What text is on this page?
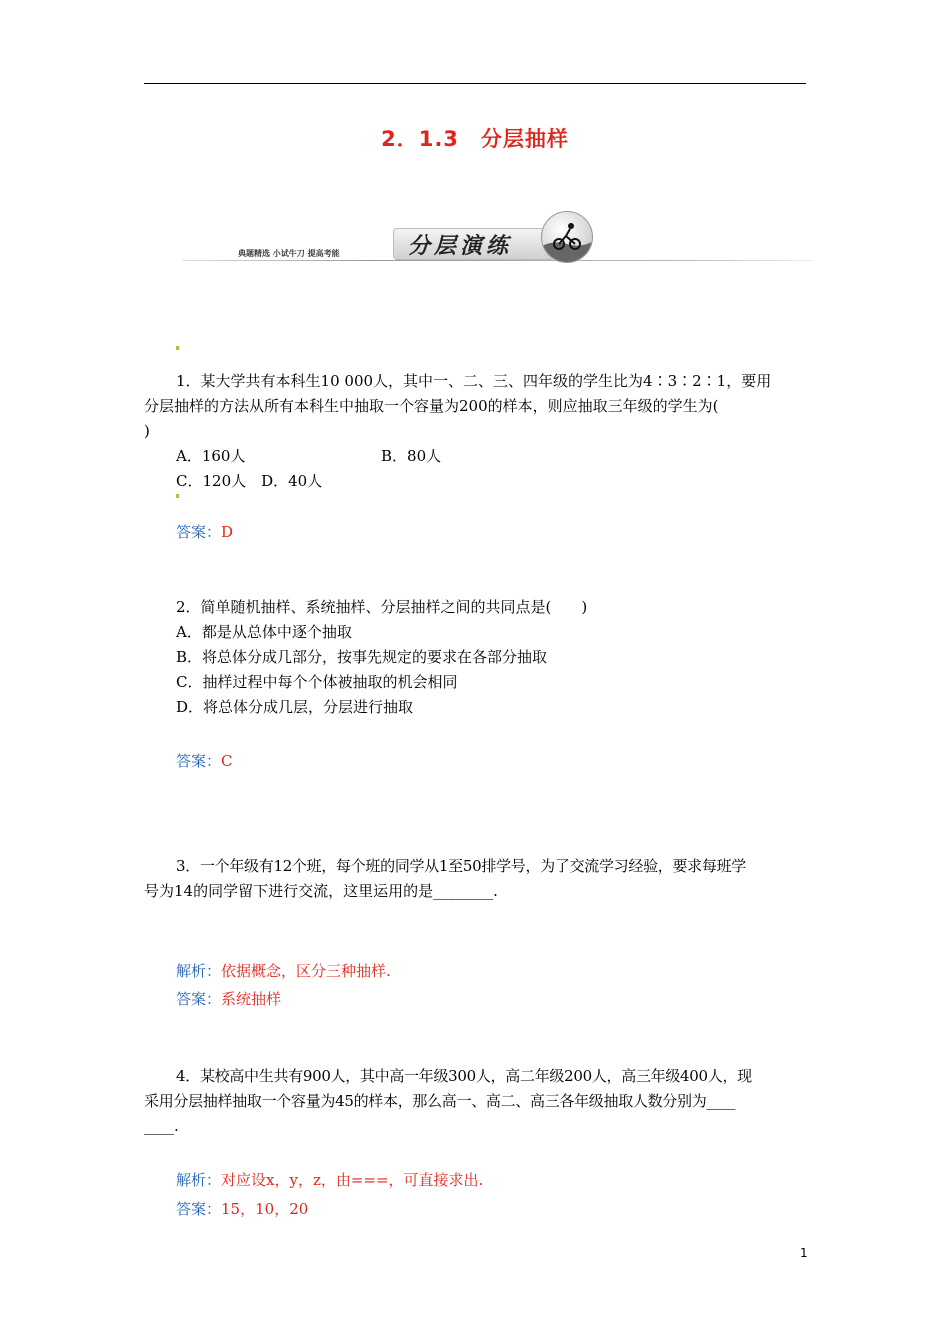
2．1.3　分层抽样
典题精选 小试牛刀 提高考能	分层演练
1．某大学共有本科生10 000人，其中一、二、三、四年级的学生比为4∶3∶2∶1，要用
分层抽样的方法从所有本科生中抽取一个容量为200的样本，则应抽取三年级的学生为(
)
A．160人	B．80人
C．120人　D．40人
答案：D
2．简单随机抽样、系统抽样、分层抽样之间的共同点是(　　)
A．都是从总体中逐个抽取
B．将总体分成几部分，按事先规定的要求在各部分抽取
C．抽样过程中每个个体被抽取的机会相同
D．将总体分成几层，分层进行抽取
答案：C
3．一个年级有12个班，每个班的同学从1至50排学号，为了交流学习经验，要求每班学
号为14的同学留下进行交流，这里运用的是________.
解析：依据概念，区分三种抽样.
答案：系统抽样
4．某校高中生共有900人，其中高一年级300人，高二年级200人，高三年级400人，现
采用分层抽样抽取一个容量为45的样本，那么高一、高二、高三各年级抽取人数分别为____
____.
解析：对应设x，y，z，由===，可直接求出.
答案：15，10，20
1
